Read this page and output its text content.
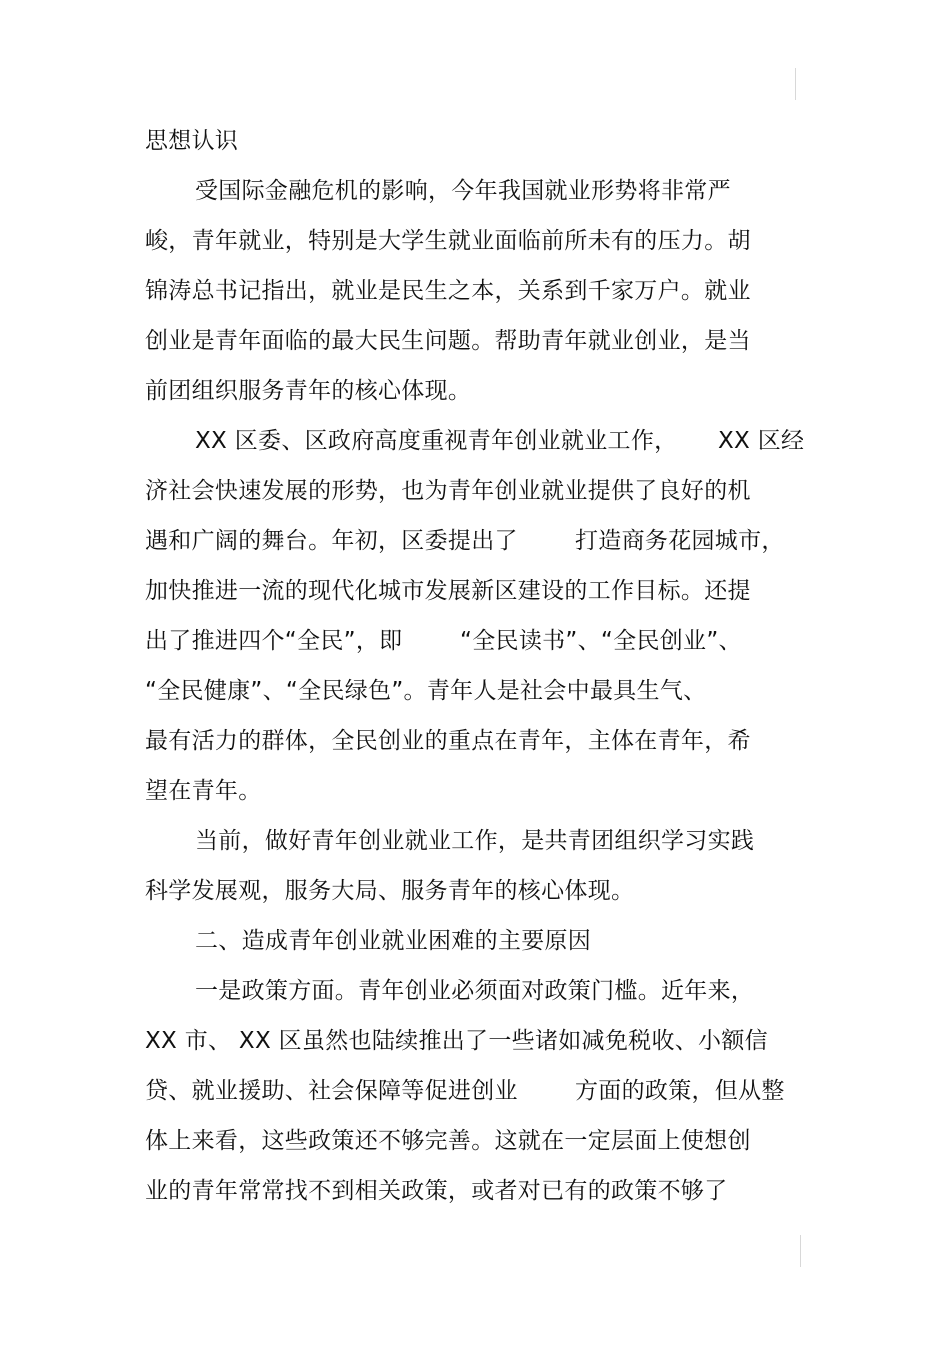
思想认识
受国际金融危机的影响，今年我国就业形势将非常严
峻，青年就业，特别是大学生就业面临前所未有的压力。胡
锦涛总书记指出，就业是民生之本，关系到千家万户。就业
创业是青年面临的最大民生问题。帮助青年就业创业，是当
前团组织服务青年的核心体现。
XX 区委、区政府高度重视青年创业就业工作， XX 区经
济社会快速发展的形势，也为青年创业就业提供了良好的机
遇和广阔的舞台。年初，区委提出了 打造商务花园城市，
加快推进一流的现代化城市发展新区建设的工作目标。还提
出了推进四个“全民”，即	“全民读书”、“全民创业”、
“全民健康”、“全民绿色”。青年人是社会中最具生气、
最有活力的群体，全民创业的重点在青年，主体在青年，希
望在青年。
当前，做好青年创业就业工作，是共青团组织学习实践
科学发展观，服务大局、服务青年的核心体现。
二、造成青年创业就业困难的主要原因
一是政策方面。青年创业必须面对政策门槛。近年来，
XX 市、 XX 区虽然也陆续推出了一些诸如减免税收、小额信
贷、就业援助、社会保障等促进创业 方面的政策，但从整
体上来看，这些政策还不够完善。这就在一定层面上使想创
业的青年常常找不到相关政策，或者对已有的政策不够了
